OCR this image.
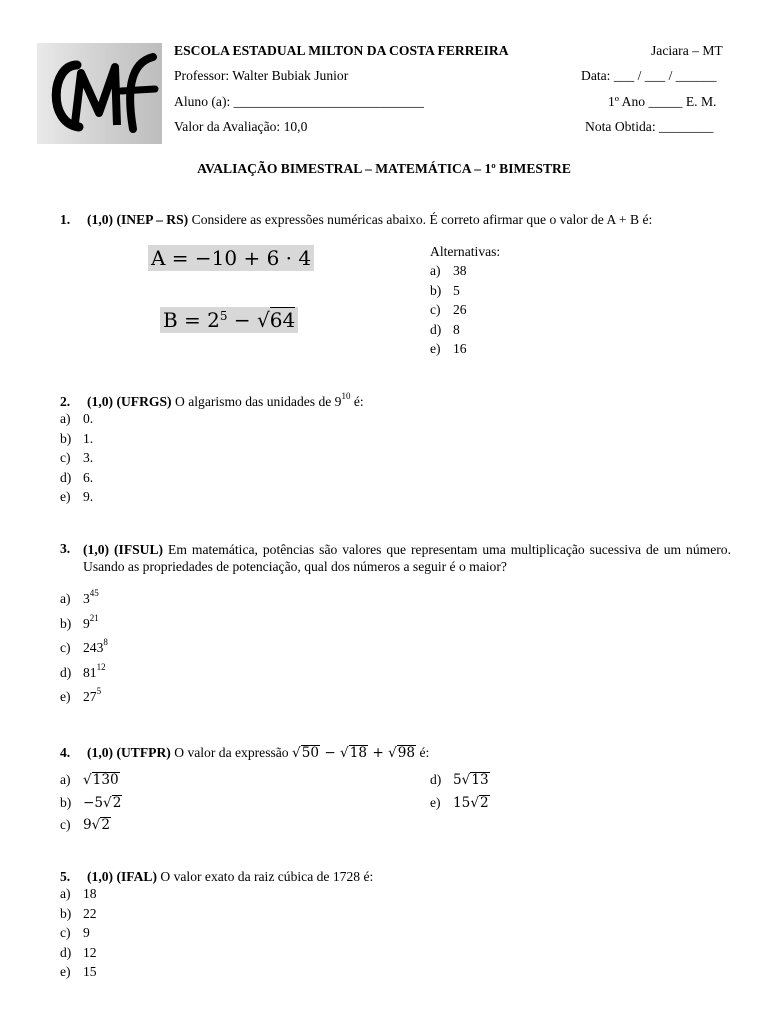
ESCOLA ESTADUAL MILTON DA COSTA FERREIRA	Jaciara – MT
Professor: Walter Bubiak Junior	Data: ___ / ___ / ______
Aluno (a): ____________________________	1º Ano _____ E. M.
Valor da Avaliação: 10,0	Nota Obtida: ________
AVALIAÇÃO BIMESTRAL – MATEMÁTICA – 1º BIMESTRE
1. (1,0) (INEP – RS) Considere as expressões numéricas abaixo. É correto afirmar que o valor de A + B é:
A = −10 + 6 · 4
$B = 2^5 - √64$
Alternativas:
a) 38
b) 5
c) 26
d) 8
e) 16
2. (1,0) (UFRGS) O algarismo das unidades de $9^{10}$ é:
a) 0.
b) 1.
c) 3.
d) 6.
e) 9.
3. (1,0) (IFSUL) Em matemática, potências são valores que representam uma multiplicação sucessiva de um número. Usando as propriedades de potenciação, qual dos números a seguir é o maior?
a) $3^{45}$
b) $9^{21}$
c) $243^8$
d) $81^{12}$
e) $27^5$
4. (1,0) (UTFPR) O valor da expressão √50 − √18 + √98 é:
a) √130
b) −5√2
c) 9√2
d) 5√13
e) 15√2
5. (1,0) (IFAL) O valor exato da raiz cúbica de 1728 é:
a) 18
b) 22
c) 9
d) 12
e) 15
